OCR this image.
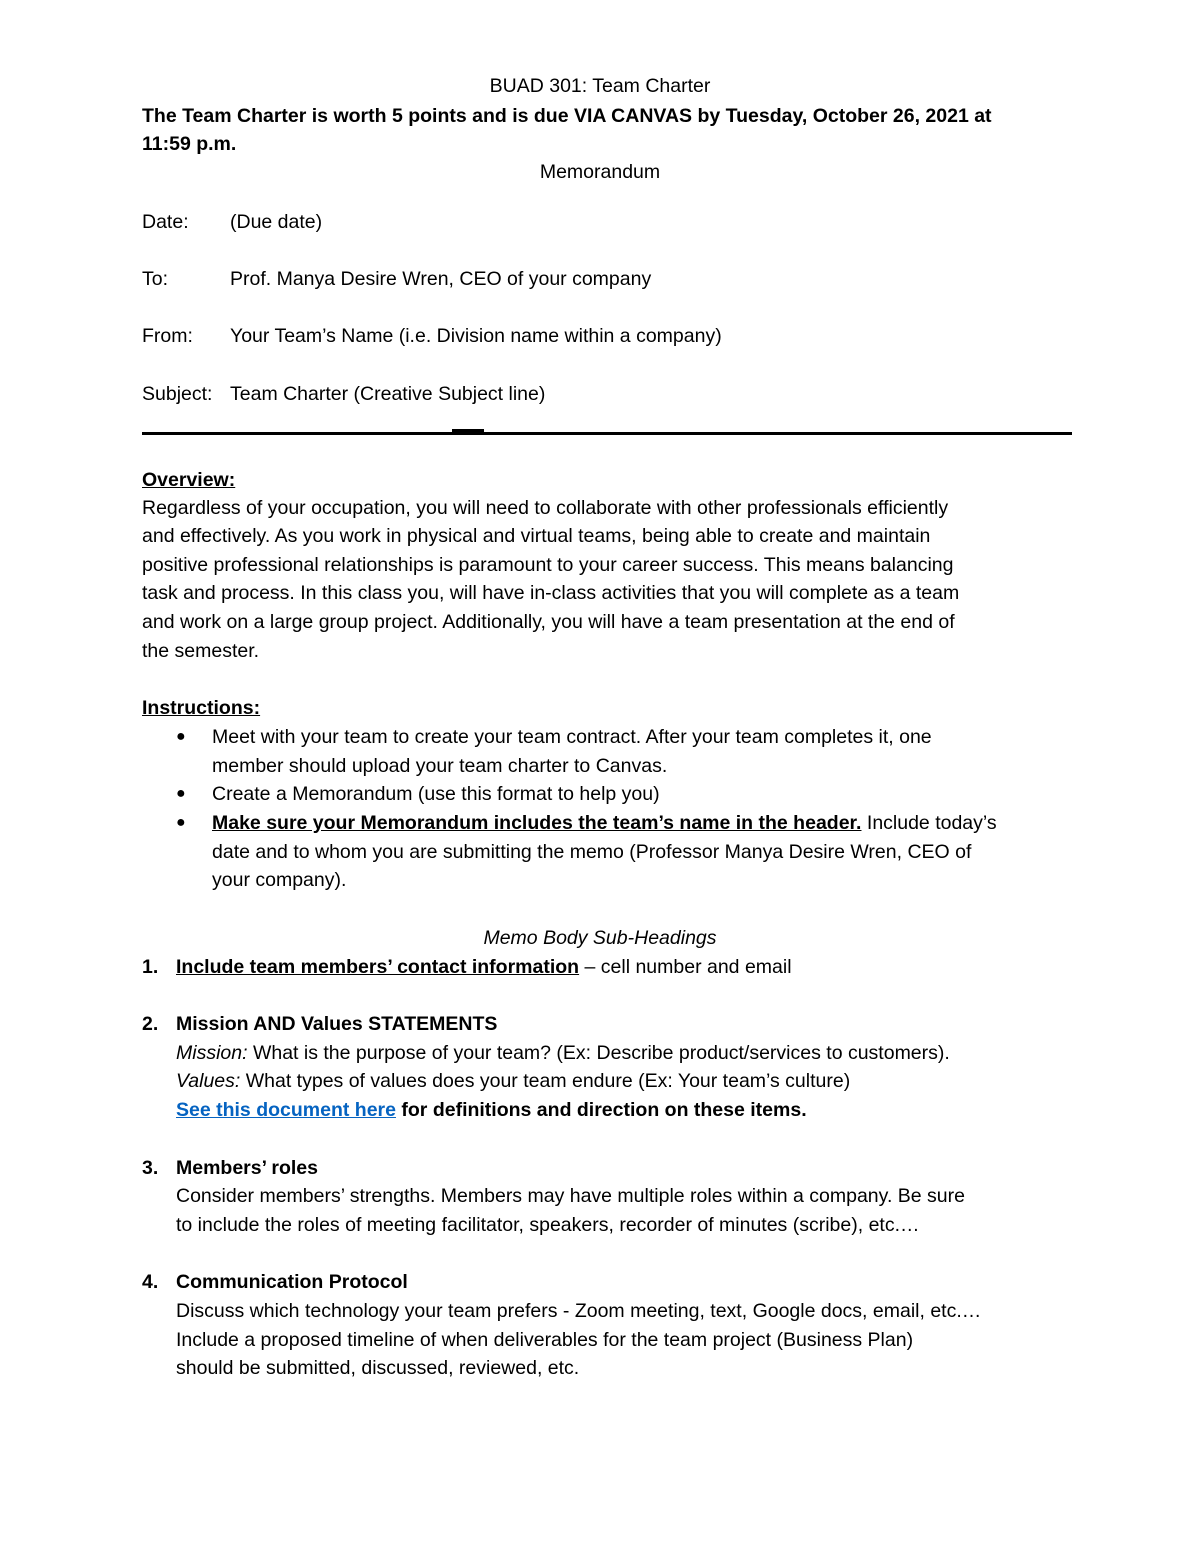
BUAD 301: Team Charter
The Team Charter is worth 5 points and is due VIA CANVAS by Tuesday, October 26, 2021 at
11:59 p.m.
Memorandum
Date: (Due date)
To:	Prof. Manya Desire Wren, CEO of your company
From: Your Team’s Name (i.e. Division name within a company)
Subject: Team Charter (Creative Subject line)
Overview:
Regardless of your occupation, you will need to collaborate with other professionals efficiently
and effectively. As you work in physical and virtual teams, being able to create and maintain
positive professional relationships is paramount to your career success. This means balancing
task and process. In this class you, will have in-class activities that you will complete as a team
and work on a large group project. Additionally, you will have a team presentation at the end of
the semester.
Instructions:
● Meet with your team to create your team contract. After your team completes it, one
member should upload your team charter to Canvas.
● Create a Memorandum (use this format to help you)
● Make sure your Memorandum includes the team’s name in the header. Include today’s
date and to whom you are submitting the memo (Professor Manya Desire Wren, CEO of
your company).
Memo Body Sub-Headings
1. Include team members’ contact information – cell number and email
2. Mission AND Values STATEMENTS
Mission: What is the purpose of your team? (Ex: Describe product/services to customers).
Values: What types of values does your team endure (Ex: Your team’s culture)
See this document here for definitions and direction on these items.
3. Members’ roles
Consider members’ strengths. Members may have multiple roles within a company. Be sure
to include the roles of meeting facilitator, speakers, recorder of minutes (scribe), etc.…
4. Communication Protocol
Discuss which technology your team prefers - Zoom meeting, text, Google docs, email, etc.…
Include a proposed timeline of when deliverables for the team project (Business Plan)
should be submitted, discussed, reviewed, etc.
